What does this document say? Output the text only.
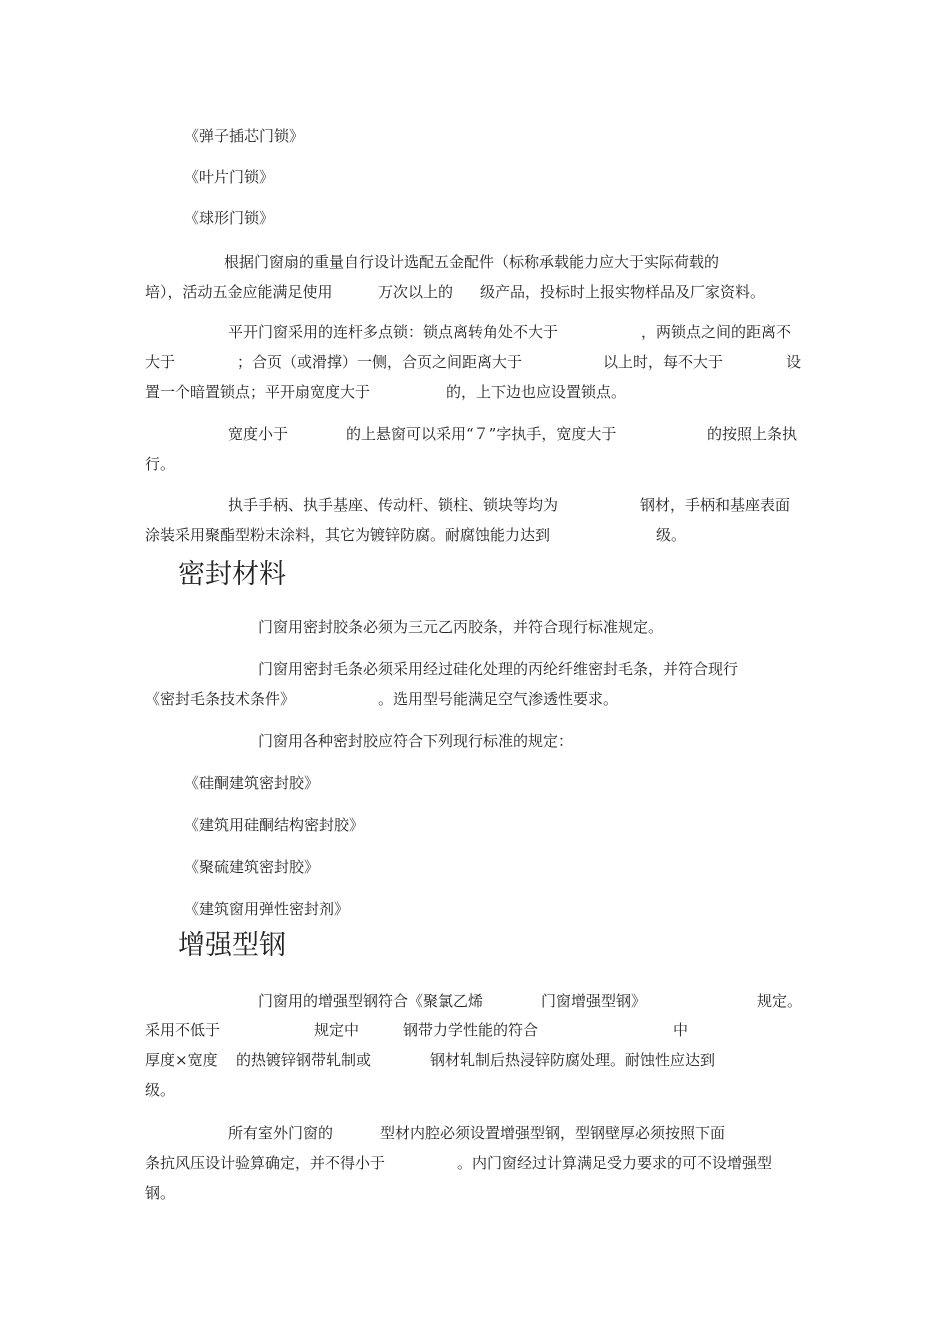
《弹子插芯门锁》

《叶片门锁》

《球形门锁》

根据门窗扇的重量自行设计选配五金配件（标称承载能力应大于实际荷载的

培），活动五金应能满足使用	万次以上的 级产品，投标时上报实物样品及厂家资料。

平开门窗采用的连杆多点锁：锁点离转角处不大于	，两锁点之间的距离不

大于	；合页（或滑撑）一侧，合页之间距离大于	以上时，每不大于	设

置一个暗置锁点；平开扇宽度大于	的，上下边也应设置锁点。

宽度小于	的上悬窗可以采用“７”字执手，宽度大于	的按照上条执

行。

执手手柄、执手基座、传动杆、锁柱、锁块等均为	钢材，手柄和基座表面

涂装采用聚酯型粉末涂料，其它为镀锌防腐。耐腐蚀能力达到	级。

密封材料

门窗用密封胶条必须为三元乙丙胶条，并符合现行标准规定。

门窗用密封毛条必须采用经过硅化处理的丙纶纤维密封毛条，并符合现行

《密封毛条技术条件》	。选用型号能满足空气渗透性要求。

门窗用各种密封胶应符合下列现行标准的规定：

《硅酮建筑密封胶》

《建筑用硅酮结构密封胶》

《聚硫建筑密封胶》

《建筑窗用弹性密封剂》

增强型钢

门窗用的增强型钢符合《聚氯乙烯	门窗增强型钢》	规定。

采用不低于	规定中	钢带力学性能的符合	中

厚度×宽度 的热镀锌钢带轧制或	钢材轧制后热浸锌防腐处理。耐蚀性应达到

级。

所有室外门窗的	型材内腔必须设置增强型钢，型钢壁厚必须按照下面

条抗风压设计验算确定，并不得小于	。内门窗经过计算满足受力要求的可不设增强型

钢。
